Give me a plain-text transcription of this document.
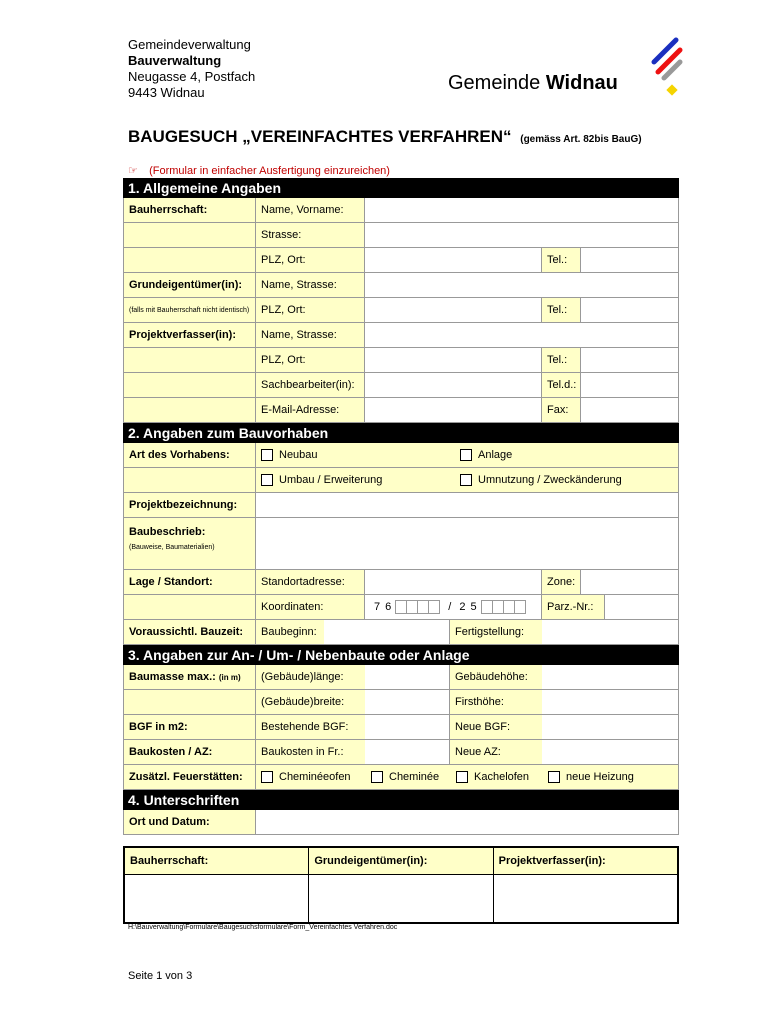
Gemeindeverwaltung
Bauverwaltung
Neugasse 4, Postfach
9443 Widnau	Gemeinde Widnau
BAUGESUCH „VEREINFACHTES VERFAHREN“ (gemäss Art. 82bis BauG)
☞ (Formular in einfacher Ausfertigung einzureichen)
1. Allgemeine Angaben
Bauherrschaft:	Name, Vorname:
Strasse:
PLZ, Ort:	Tel.:
Grundeigentümer(in):	Name, Strasse:
(falls mit Bauherrschaft nicht identisch)	PLZ, Ort:	Tel.:
Projektverfasser(in):	Name, Strasse:
PLZ, Ort:	Tel.:
Sachbearbeiter(in):	Tel.d.:
E-Mail-Adresse:	Fax:
2. Angaben zum Bauvorhaben
Art des Vorhabens:	Neubau	Anlage
Umbau / Erweiterung	Umnutzung / Zweckänderung
Projektbezeichnung:
Baubeschrieb:
(Bauweise, Baumaterialien)
Lage / Standort:	Standortadresse:	Zone:
Koordinaten:	7 6	/ 2 5	Parz.-Nr.:
Voraussichtl. Bauzeit:	Baubeginn:	Fertigstellung:
3. Angaben zur An- / Um- / Nebenbaute oder Anlage
Baumasse max.:
(in m)	(Gebäude)länge:	Gebäudehöhe:
(Gebäude)breite:	Firsthöhe:
BGF in m2:	Bestehende BGF:	Neue BGF:
Baukosten / AZ:	Baukosten in Fr.:	Neue AZ:
Zusätzl. Feuerstätten:	Cheminéeofen	Cheminée	Kachelofen	neue Heizung
4. Unterschriften
Ort und Datum:
Bauherrschaft:	Grundeigentümer(in):	Projektverfasser(in):
H:\Bauverwaltung\Formulare\Baugesuchsformulare\Form_Vereinfachtes Verfahren.doc
Seite 1 von 3
